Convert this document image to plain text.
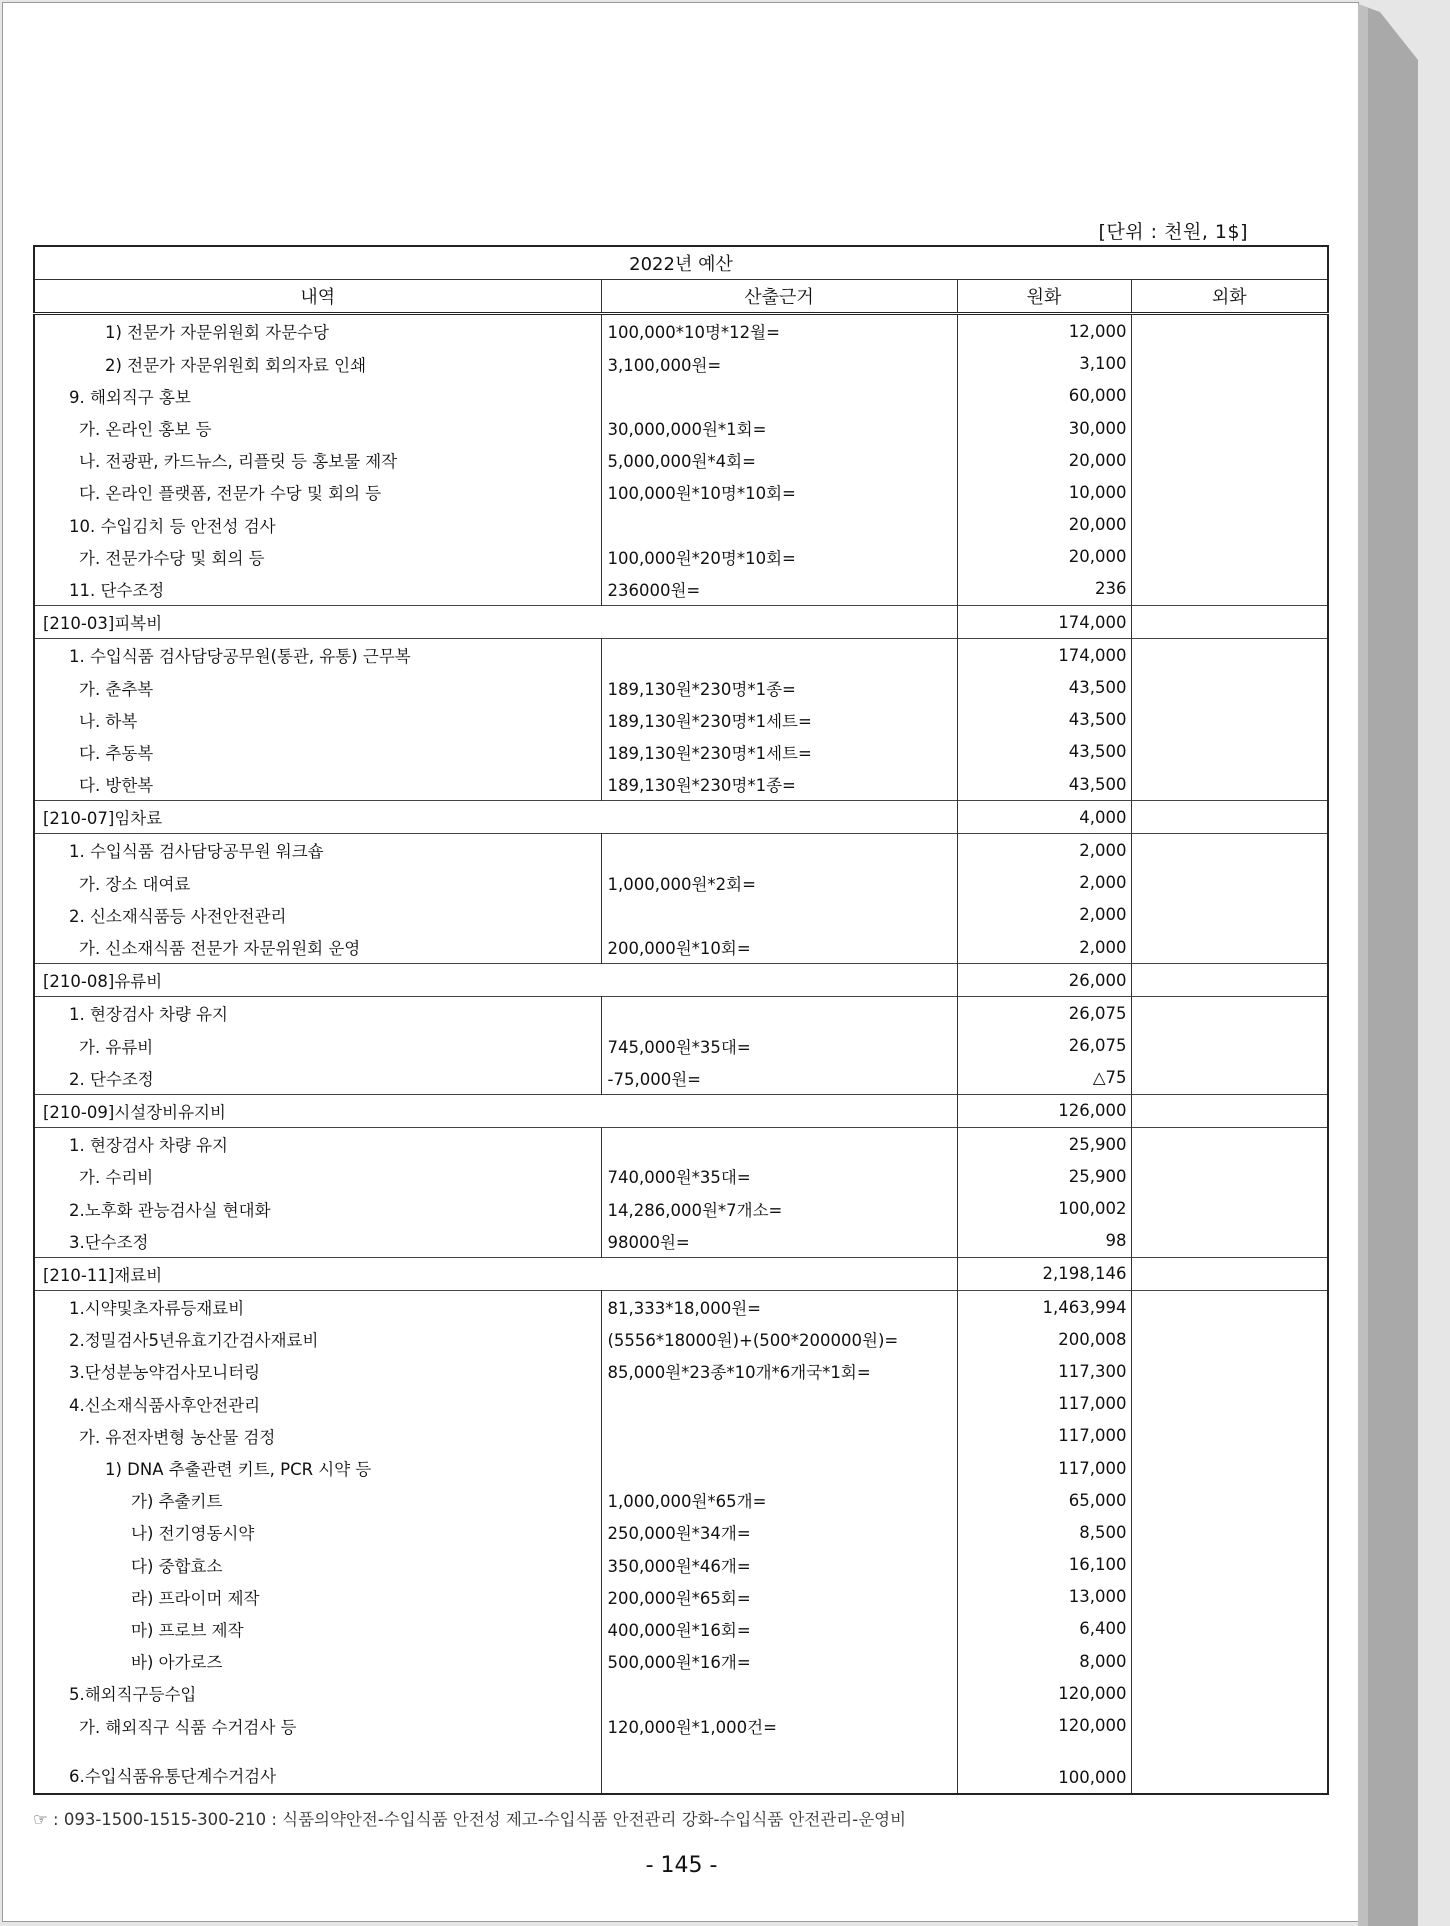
[단위 : 천원, 1$]
2022년 예산			
내역	산출근거	원화	외화
1) 전문가 자문위원회 자문수당	100,000*10명*12월=	12,000	
2) 전문가 자문위원회 회의자료 인쇄	3,100,000원=	3,100	
9. 해외직구 홍보		60,000	
가. 온라인 홍보 등	30,000,000원*1회=	30,000	
나. 전광판, 카드뉴스, 리플릿 등 홍보물 제작	5,000,000원*4회=	20,000	
다. 온라인 플랫폼, 전문가 수당 및 회의 등	100,000원*10명*10회=	10,000	
10. 수입김치 등 안전성 검사		20,000	
가. 전문가수당 및 회의 등	100,000원*20명*10회=	20,000	
11. 단수조정	236000원=	236	
[210-03]피복비		174,000	
1. 수입식품 검사담당공무원(통관, 유통) 근무복		174,000	
가. 춘추복	189,130원*230명*1종=	43,500	
나. 하복	189,130원*230명*1세트=	43,500	
다. 추동복	189,130원*230명*1세트=	43,500	
다. 방한복	189,130원*230명*1종=	43,500	
[210-07]임차료		4,000	
1. 수입식품 검사담당공무원 워크숍		2,000	
가. 장소 대여료	1,000,000원*2회=	2,000	
2. 신소재식품등 사전안전관리		2,000	
가. 신소재식품 전문가 자문위원회 운영	200,000원*10회=	2,000	
[210-08]유류비		26,000	
1. 현장검사 차량 유지		26,075	
가. 유류비	745,000원*35대=	26,075	
2. 단수조정	-75,000원=	△75	
[210-09]시설장비유지비		126,000	
1. 현장검사 차량 유지		25,900	
가. 수리비	740,000원*35대=	25,900	
2.노후화 관능검사실 현대화	14,286,000원*7개소=	100,002	
3.단수조정	98000원=	98	
[210-11]재료비		2,198,146	
1.시약및초자류등재료비	81,333*18,000원=	1,463,994	
2.정밀검사5년유효기간검사재료비	(5556*18000원)+(500*200000원)=	200,008	
3.단성분농약검사모니터링	85,000원*23종*10개*6개국*1회=	117,300	
4.신소재식품사후안전관리		117,000	
가. 유전자변형 농산물 검정		117,000	
1) DNA 추출관련 키트, PCR 시약 등		117,000	
가) 추출키트	1,000,000원*65개=	65,000	
나) 전기영동시약	250,000원*34개=	8,500	
다) 중합효소	350,000원*46개=	16,100	
라) 프라이머 제작	200,000원*65회=	13,000	
마) 프로브 제작	400,000원*16회=	6,400	
바) 아가로즈	500,000원*16개=	8,000	
5.해외직구등수입		120,000	
가. 해외직구 식품 수거검사 등	120,000원*1,000건=	120,000	
6.수입식품유통단계수거검사		100,000	
☞ : 093-1500-1515-300-210 : 식품의약안전-수입식품 안전성 제고-수입식품 안전관리 강화-수입식품 안전관리-운영비
- 145 -
